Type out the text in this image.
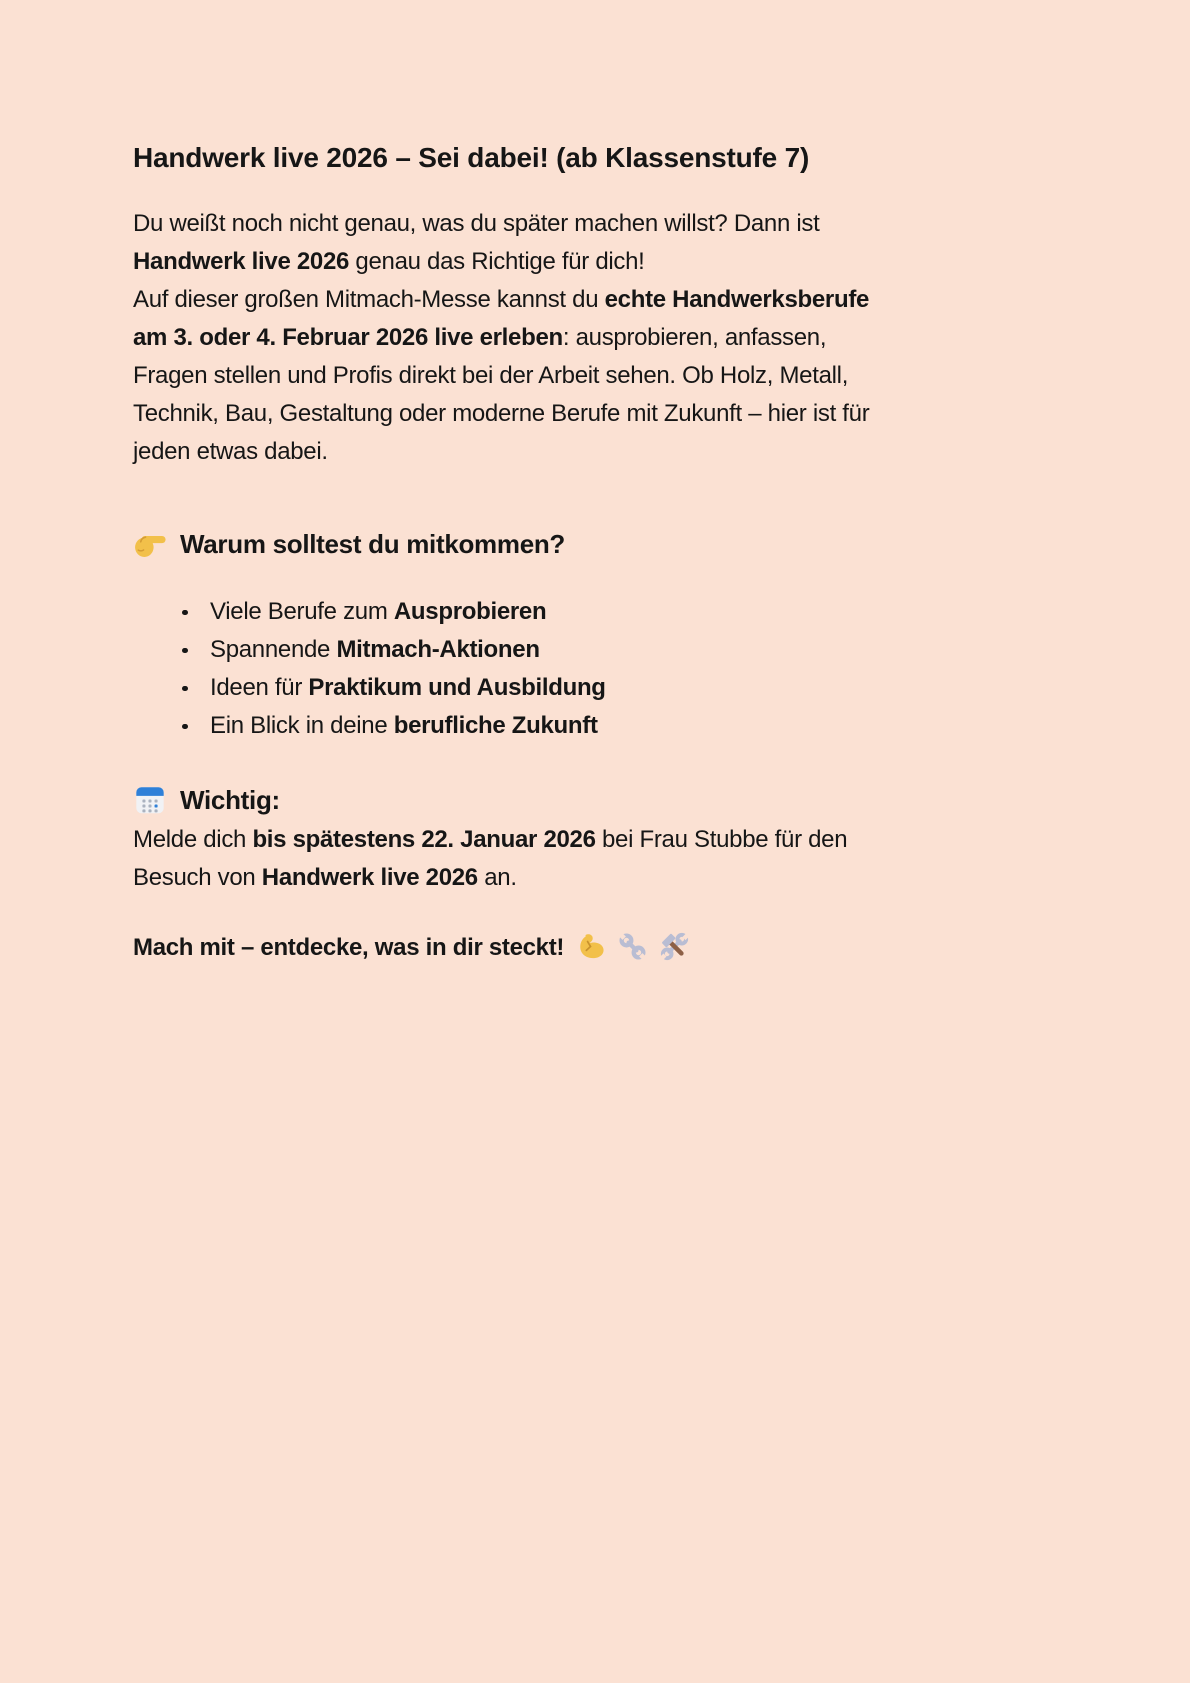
Handwerk live 2026 – Sei dabei! (ab Klassenstufe 7)

Du weißt noch nicht genau, was du später machen willst? Dann ist
Handwerk live 2026 genau das Richtige für dich!
Auf dieser großen Mitmach-Messe kannst du echte Handwerksberufe
am 3. oder 4. Februar 2026 live erleben: ausprobieren, anfassen,
Fragen stellen und Profis direkt bei der Arbeit sehen. Ob Holz, Metall,
Technik, Bau, Gestaltung oder moderne Berufe mit Zukunft – hier ist für
jeden etwas dabei.

Warum solltest du mitkommen?

Viele Berufe zum Ausprobieren
Spannende Mitmach-Aktionen
Ideen für Praktikum und Ausbildung
Ein Blick in deine berufliche Zukunft

Wichtig:

Melde dich bis spätestens 22. Januar 2026 bei Frau Stubbe für den
Besuch von Handwerk live 2026 an.

Mach mit – entdecke, was in dir steckt!
